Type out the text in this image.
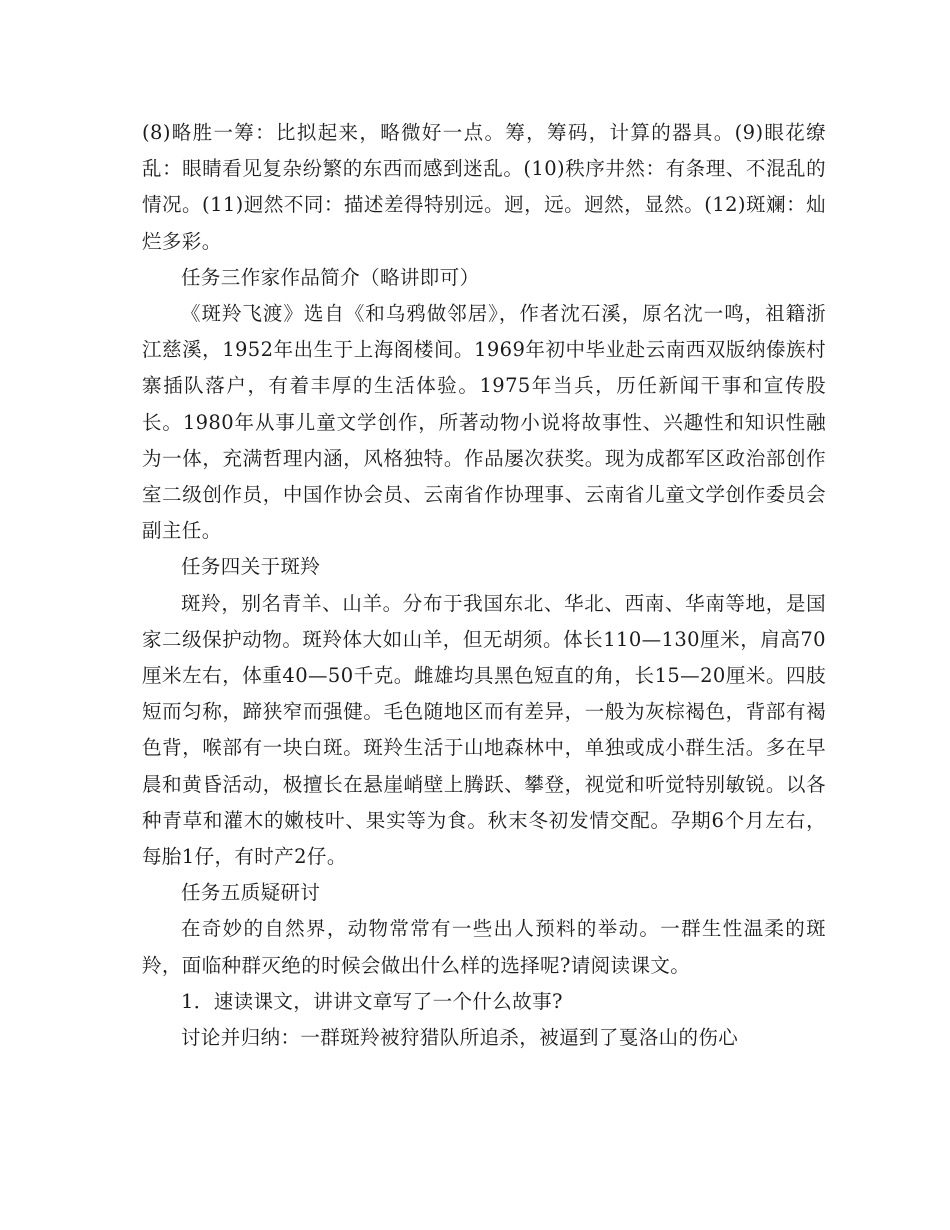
(8)略胜一筹：比拟起来，略微好一点。筹，筹码，计算的器具。(9)眼花缭乱：眼睛看见复杂纷繁的东西而感到迷乱。(10)秩序井然：有条理、不混乱的情况。(11)迥然不同：描述差得特别远。迥，远。迥然，显然。(12)斑斓：灿烂多彩。

任务三作家作品简介（略讲即可）

《斑羚飞渡》选自《和乌鸦做邻居》，作者沈石溪，原名沈一鸣，祖籍浙江慈溪，1952年出生于上海阁楼间。1969年初中毕业赴云南西双版纳傣族村寨插队落户，有着丰厚的生活体验。1975年当兵，历任新闻干事和宣传股长。1980年从事儿童文学创作，所著动物小说将故事性、兴趣性和知识性融为一体，充满哲理内涵，风格独特。作品屡次获奖。现为成都军区政治部创作室二级创作员，中国作协会员、云南省作协理事、云南省儿童文学创作委员会副主任。

任务四关于斑羚

斑羚，别名青羊、山羊。分布于我国东北、华北、西南、华南等地，是国家二级保护动物。斑羚体大如山羊，但无胡须。体长110—130厘米，肩高70厘米左右，体重40—50千克。雌雄均具黑色短直的角，长15—20厘米。四肢短而匀称，蹄狭窄而强健。毛色随地区而有差异，一般为灰棕褐色，背部有褐色背，喉部有一块白斑。斑羚生活于山地森林中，单独或成小群生活。多在早晨和黄昏活动，极擅长在悬崖峭壁上腾跃、攀登，视觉和听觉特别敏锐。以各种青草和灌木的嫩枝叶、果实等为食。秋末冬初发情交配。孕期6个月左右，每胎1仔，有时产2仔。

任务五质疑研讨

在奇妙的自然界，动物常常有一些出人预料的举动。一群生性温柔的斑羚，面临种群灭绝的时候会做出什么样的选择呢?请阅读课文。

1．速读课文，讲讲文章写了一个什么故事?

讨论并归纳：一群斑羚被狩猎队所追杀，被逼到了戛洛山的伤心
